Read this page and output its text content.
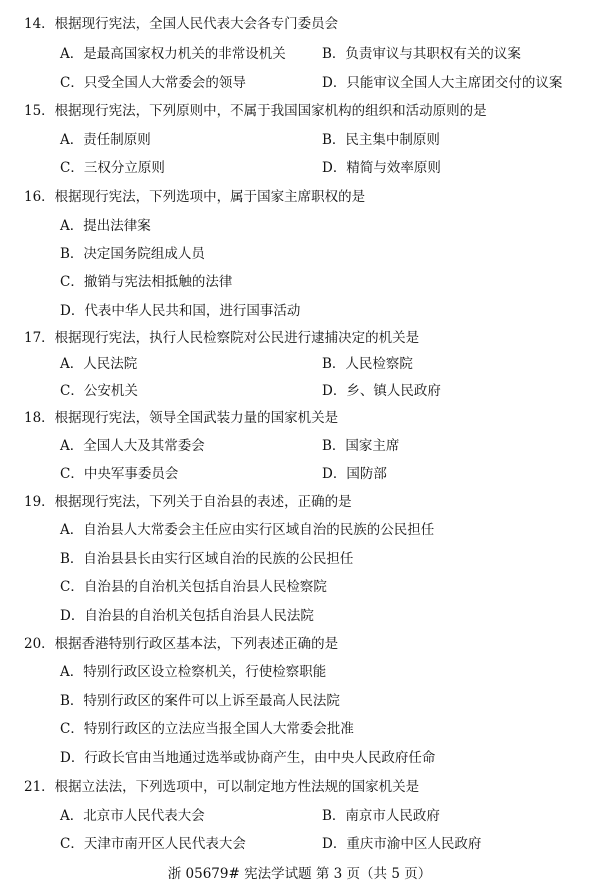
14．根据现行宪法，全国人民代表大会各专门委员会
A．是最高国家权力机关的非常设机关	B．负责审议与其职权有关的议案
C．只受全国人大常委会的领导	D．只能审议全国人大主席团交付的议案
15．根据现行宪法，下列原则中，不属于我国国家机构的组织和活动原则的是
A．责任制原则	B．民主集中制原则
C．三权分立原则	D．精简与效率原则
16．根据现行宪法，下列选项中，属于国家主席职权的是
A．提出法律案
B．决定国务院组成人员
C．撤销与宪法相抵触的法律
D．代表中华人民共和国，进行国事活动
17．根据现行宪法，执行人民检察院对公民进行逮捕决定的机关是
A．人民法院	B．人民检察院
C．公安机关	D．乡、镇人民政府
18．根据现行宪法，领导全国武装力量的国家机关是
A．全国人大及其常委会	B．国家主席
C．中央军事委员会	D．国防部
19．根据现行宪法，下列关于自治县的表述，正确的是
A．自治县人大常委会主任应由实行区域自治的民族的公民担任
B．自治县县长由实行区域自治的民族的公民担任
C．自治县的自治机关包括自治县人民检察院
D．自治县的自治机关包括自治县人民法院
20．根据香港特别行政区基本法，下列表述正确的是
A．特别行政区设立检察机关，行使检察职能
B．特别行政区的案件可以上诉至最高人民法院
C．特别行政区的立法应当报全国人大常委会批准
D．行政长官由当地通过选举或协商产生，由中央人民政府任命
21．根据立法法，下列选项中，可以制定地方性法规的国家机关是
A．北京市人民代表大会	B．南京市人民政府
C．天津市南开区人民代表大会	D．重庆市渝中区人民政府
浙 05679# 宪法学试题 第 3 页（共 5 页）
